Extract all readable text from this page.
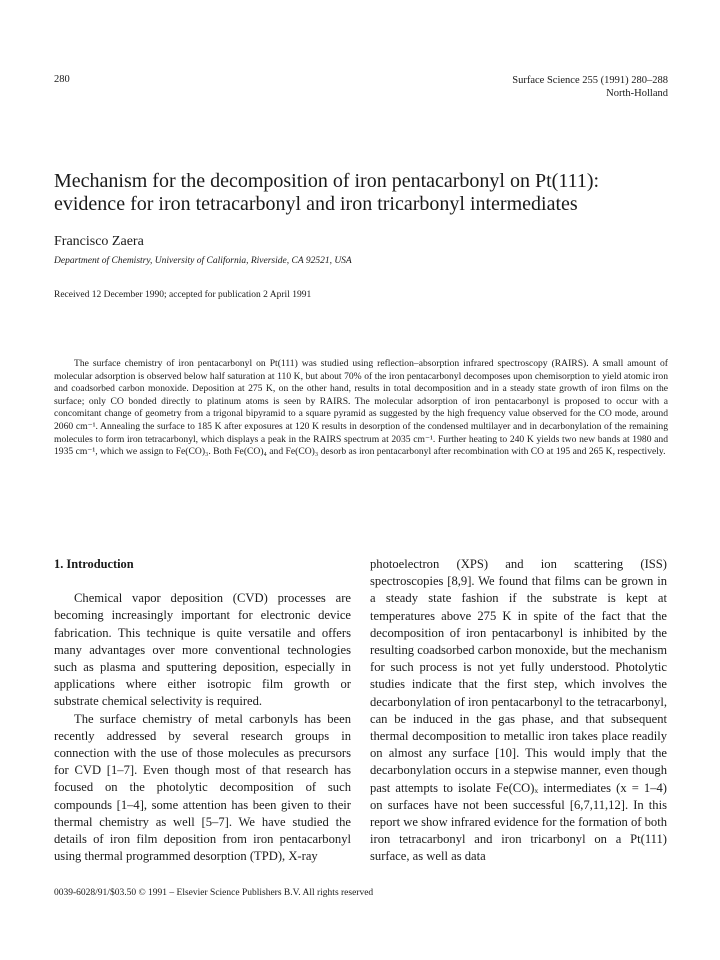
280	Surface Science 255 (1991) 280–288
North-Holland
Mechanism for the decomposition of iron pentacarbonyl on Pt(111): evidence for iron tetracarbonyl and iron tricarbonyl intermediates
Francisco Zaera
Department of Chemistry, University of California, Riverside, CA 92521, USA
Received 12 December 1990; accepted for publication 2 April 1991

The surface chemistry of iron pentacarbonyl on Pt(111) was studied using reflection–absorption infrared spectroscopy (RAIRS). A small amount of molecular adsorption is observed below half saturation at 110 K, but about 70% of the iron pentacarbonyl decomposes upon chemisorption to yield atomic iron and coadsorbed carbon monoxide. Deposition at 275 K, on the other hand, results in total decomposition and in a steady state growth of iron films on the surface; only CO bonded directly to platinum atoms is seen by RAIRS. The molecular adsorption of iron pentacarbonyl is proposed to occur with a concomitant change of geometry from a trigonal bipyramid to a square pyramid as suggested by the high frequency value observed for the CO mode, around 2060 cm⁻¹. Annealing the surface to 185 K after exposures at 120 K results in desorption of the condensed multilayer and in decarbonylation of the remaining molecules to form iron tetracarbonyl, which displays a peak in the RAIRS spectrum at 2035 cm⁻¹. Further heating to 240 K yields two new bands at 1980 and 1935 cm⁻¹, which we assign to Fe(CO)₃. Both Fe(CO)₄ and Fe(CO)₃ desorb as iron pentacarbonyl after recombination with CO at 195 and 265 K, respectively.

1. Introduction

Chemical vapor deposition (CVD) processes are becoming increasingly important for electronic device fabrication. This technique is quite versatile and offers many advantages over more conventional technologies such as plasma and sputtering deposition, especially in applications where either isotropic film growth or substrate chemical selectivity is required.

The surface chemistry of metal carbonyls has been recently addressed by several research groups in connection with the use of those molecules as precursors for CVD [1–7]. Even though most of that research has focused on the photolytic decomposition of such compounds [1–4], some attention has been given to their thermal chemistry as well [5–7]. We have studied the details of iron film deposition from iron pentacarbonyl using thermal programmed desorption (TPD), X-ray

photoelectron (XPS) and ion scattering (ISS) spectroscopies [8,9]. We found that films can be grown in a steady state fashion if the substrate is kept at temperatures above 275 K in spite of the fact that the decomposition of iron pentacarbonyl is inhibited by the resulting coadsorbed carbon monoxide, but the mechanism for such process is not yet fully understood. Photolytic studies indicate that the first step, which involves the decarbonylation of iron pentacarbonyl to the tetracarbonyl, can be induced in the gas phase, and that subsequent thermal decomposition to metallic iron takes place readily on almost any surface [10]. This would imply that the decarbonylation occurs in a stepwise manner, even though past attempts to isolate Fe(CO)ₓ intermediates (x = 1–4) on surfaces have not been successful [6,7,11,12]. In this report we show infrared evidence for the formation of both iron tetracarbonyl and iron tricarbonyl on a Pt(111) surface, as well as data

0039-6028/91/$03.50 © 1991 – Elsevier Science Publishers B.V. All rights reserved
